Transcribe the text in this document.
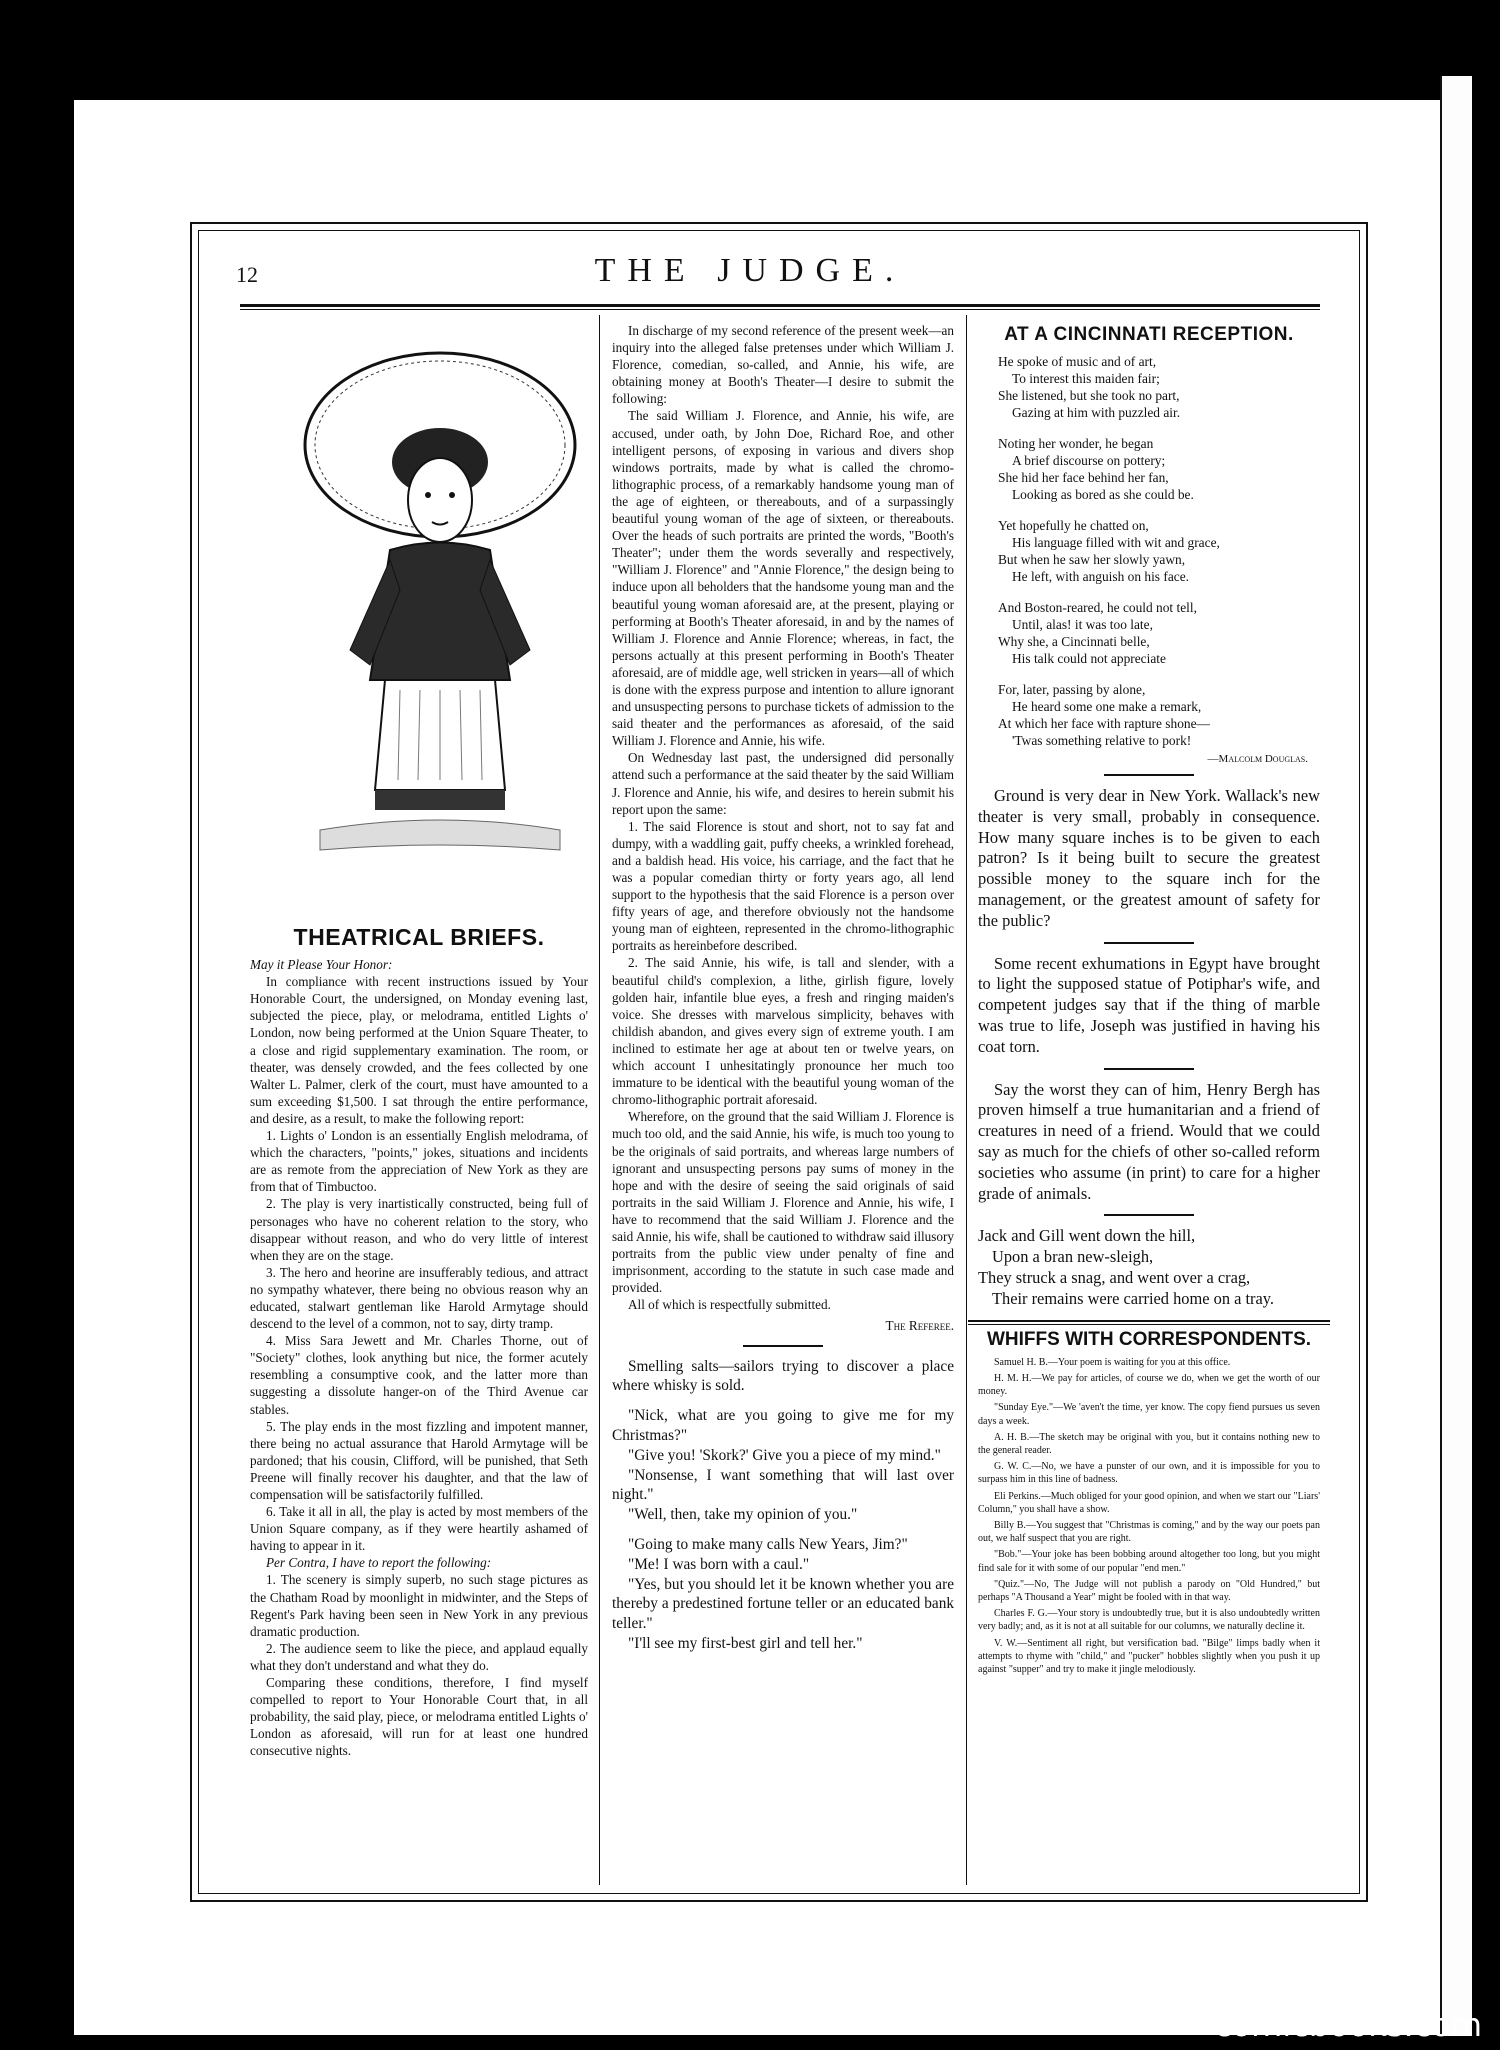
12	THE JUDGE.
THEATRICAL BRIEFS.

May it Please Your Honor:

In compliance with recent instructions issued by Your Honorable Court, the undersigned, on Monday evening last, subjected the piece, play, or melodrama, entitled Lights o' London, now being performed at the Union Square Theater, to a close and rigid supplementary examination. The room, or theater, was densely crowded, and the fees collected by one Walter L. Palmer, clerk of the court, must have amounted to a sum exceeding $1,500. I sat through the entire performance, and desire, as a result, to make the following report:

1. Lights o' London is an essentially English melodrama, of which the characters, "points," jokes, situations and incidents are as remote from the appreciation of New York as they are from that of Timbuctoo.

2. The play is very inartistically constructed, being full of personages who have no coherent relation to the story, who disappear without reason, and who do very little of interest when they are on the stage.

3. The hero and heorine are insufferably tedious, and attract no sympathy whatever, there being no obvious reason why an educated, stalwart gentleman like Harold Armytage should descend to the level of a common, not to say, dirty tramp.

4. Miss Sara Jewett and Mr. Charles Thorne, out of "Society" clothes, look anything but nice, the former acutely resembling a consumptive cook, and the latter more than suggesting a dissolute hanger-on of the Third Avenue car stables.

5. The play ends in the most fizzling and impotent manner, there being no actual assurance that Harold Armytage will be pardoned; that his cousin, Clifford, will be punished, that Seth Preene will finally recover his daughter, and that the law of compensation will be satisfactorily fulfilled.

6. Take it all in all, the play is acted by most members of the Union Square company, as if they were heartily ashamed of having to appear in it.

Per Contra, I have to report the following:

1. The scenery is simply superb, no such stage pictures as the Chatham Road by moonlight in midwinter, and the Steps of Regent's Park having been seen in New York in any previous dramatic production.

2. The audience seem to like the piece, and applaud equally what they don't understand and what they do.

Comparing these conditions, therefore, I find myself compelled to report to Your Honorable Court that, in all probability, the said play, piece, or melodrama entitled Lights o' London as aforesaid, will run for at least one hundred consecutive nights.

In discharge of my second reference of the present week—an inquiry into the alleged false pretenses under which William J. Florence, comedian, so-called, and Annie, his wife, are obtaining money at Booth's Theater—I desire to submit the following:

The said William J. Florence, and Annie, his wife, are accused, under oath, by John Doe, Richard Roe, and other intelligent persons, of exposing in various and divers shop windows portraits, made by what is called the chromo-lithographic process, of a remarkably handsome young man of the age of eighteen, or thereabouts, and of a surpassingly beautiful young woman of the age of sixteen, or thereabouts. Over the heads of such portraits are printed the words, "Booth's Theater"; under them the words severally and respectively, "William J. Florence" and "Annie Florence," the design being to induce upon all beholders that the handsome young man and the beautiful young woman aforesaid are, at the present, playing or performing at Booth's Theater aforesaid, in and by the names of William J. Florence and Annie Florence; whereas, in fact, the persons actually at this present performing in Booth's Theater aforesaid, are of middle age, well stricken in years—all of which is done with the express purpose and intention to allure ignorant and unsuspecting persons to purchase tickets of admission to the said theater and the performances as aforesaid, of the said William J. Florence and Annie, his wife.

On Wednesday last past, the undersigned did personally attend such a performance at the said theater by the said William J. Florence and Annie, his wife, and desires to herein submit his report upon the same:

1. The said Florence is stout and short, not to say fat and dumpy, with a waddling gait, puffy cheeks, a wrinkled forehead, and a baldish head. His voice, his carriage, and the fact that he was a popular comedian thirty or forty years ago, all lend support to the hypothesis that the said Florence is a person over fifty years of age, and therefore obviously not the handsome young man of eighteen, represented in the chromo-lithographic portraits as hereinbefore described.

2. The said Annie, his wife, is tall and slender, with a beautiful child's complexion, a lithe, girlish figure, lovely golden hair, infantile blue eyes, a fresh and ringing maiden's voice. She dresses with marvelous simplicity, behaves with childish abandon, and gives every sign of extreme youth. I am inclined to estimate her age at about ten or twelve years, on which account I unhesitatingly pronounce her much too immature to be identical with the beautiful young woman of the chromo-lithographic portrait aforesaid.

Wherefore, on the ground that the said William J. Florence is much too old, and the said Annie, his wife, is much too young to be the originals of said portraits, and whereas large numbers of ignorant and unsuspecting persons pay sums of money in the hope and with the desire of seeing the said originals of said portraits in the said William J. Florence and Annie, his wife, I have to recommend that the said William J. Florence and the said Annie, his wife, shall be cautioned to withdraw said illusory portraits from the public view under penalty of fine and imprisonment, according to the statute in such case made and provided.

All of which is respectfully submitted.

The Referee.

Smelling salts—sailors trying to discover a place where whisky is sold.

"Nick, what are you going to give me for my Christmas?"

"Give you! 'Skork?' Give you a piece of my mind."

"Nonsense, I want something that will last over night."

"Well, then, take my opinion of you."

"Going to make many calls New Years, Jim?"

"Me! I was born with a caul."

"Yes, but you should let it be known whether you are thereby a predestined fortune teller or an educated bank teller."

"I'll see my first-best girl and tell her."

AT A CINCINNATI RECEPTION.
He spoke of music and of art,
To interest this maiden fair;
She listened, but she took no part,
Gazing at him with puzzled air.
Noting her wonder, he began
A brief discourse on pottery;
She hid her face behind her fan,
Looking as bored as she could be.
Yet hopefully he chatted on,
His language filled with wit and grace,
But when he saw her slowly yawn,
He left, with anguish on his face.
And Boston-reared, he could not tell,
Until, alas! it was too late,
Why she, a Cincinnati belle,
His talk could not appreciate
For, later, passing by alone,
He heard some one make a remark,
At which her face with rapture shone—
'Twas something relative to pork!
—Malcolm Douglas.

Ground is very dear in New York. Wallack's new theater is very small, probably in consequence. How many square inches is to be given to each patron? Is it being built to secure the greatest possible money to the square inch for the management, or the greatest amount of safety for the public?

Some recent exhumations in Egypt have brought to light the supposed statue of Potiphar's wife, and competent judges say that if the thing of marble was true to life, Joseph was justified in having his coat torn.

Say the worst they can of him, Henry Bergh has proven himself a true humanitarian and a friend of creatures in need of a friend. Would that we could say as much for the chiefs of other so-called reform societies who assume (in print) to care for a higher grade of animals.

Jack and Gill went down the hill,
Upon a bran new-sleigh,
They struck a snag, and went over a crag,
Their remains were carried home on a tray.
WHIFFS WITH CORRESPONDENTS.

Samuel H. B.—Your poem is waiting for you at this office.

H. M. H.—We pay for articles, of course we do, when we get the worth of our money.

"Sunday Eye."—We 'aven't the time, yer know. The copy fiend pursues us seven days a week.

A. H. B.—The sketch may be original with you, but it contains nothing new to the general reader.

G. W. C.—No, we have a punster of our own, and it is impossible for you to surpass him in this line of badness.

Eli Perkins.—Much obliged for your good opinion, and when we start our "Liars' Column," you shall have a show.

Billy B.—You suggest that "Christmas is coming," and by the way our poets pan out, we half suspect that you are right.

"Bob."—Your joke has been bobbing around altogether too long, but you might find sale for it with some of our popular "end men."

"Quiz."—No, The Judge will not publish a parody on "Old Hundred," but perhaps "A Thousand a Year" might be fooled with in that way.

Charles F. G.—Your story is undoubtedly true, but it is also undoubtedly written very badly; and, as it is not at all suitable for our columns, we naturally decline it.

V. W.—Sentiment all right, but versification bad. "Bilge" limps badly when it attempts to rhyme with "child," and "pucker" hobbles slightly when you push it up against "supper" and try to make it jingle melodiously.

comicbooks.com
